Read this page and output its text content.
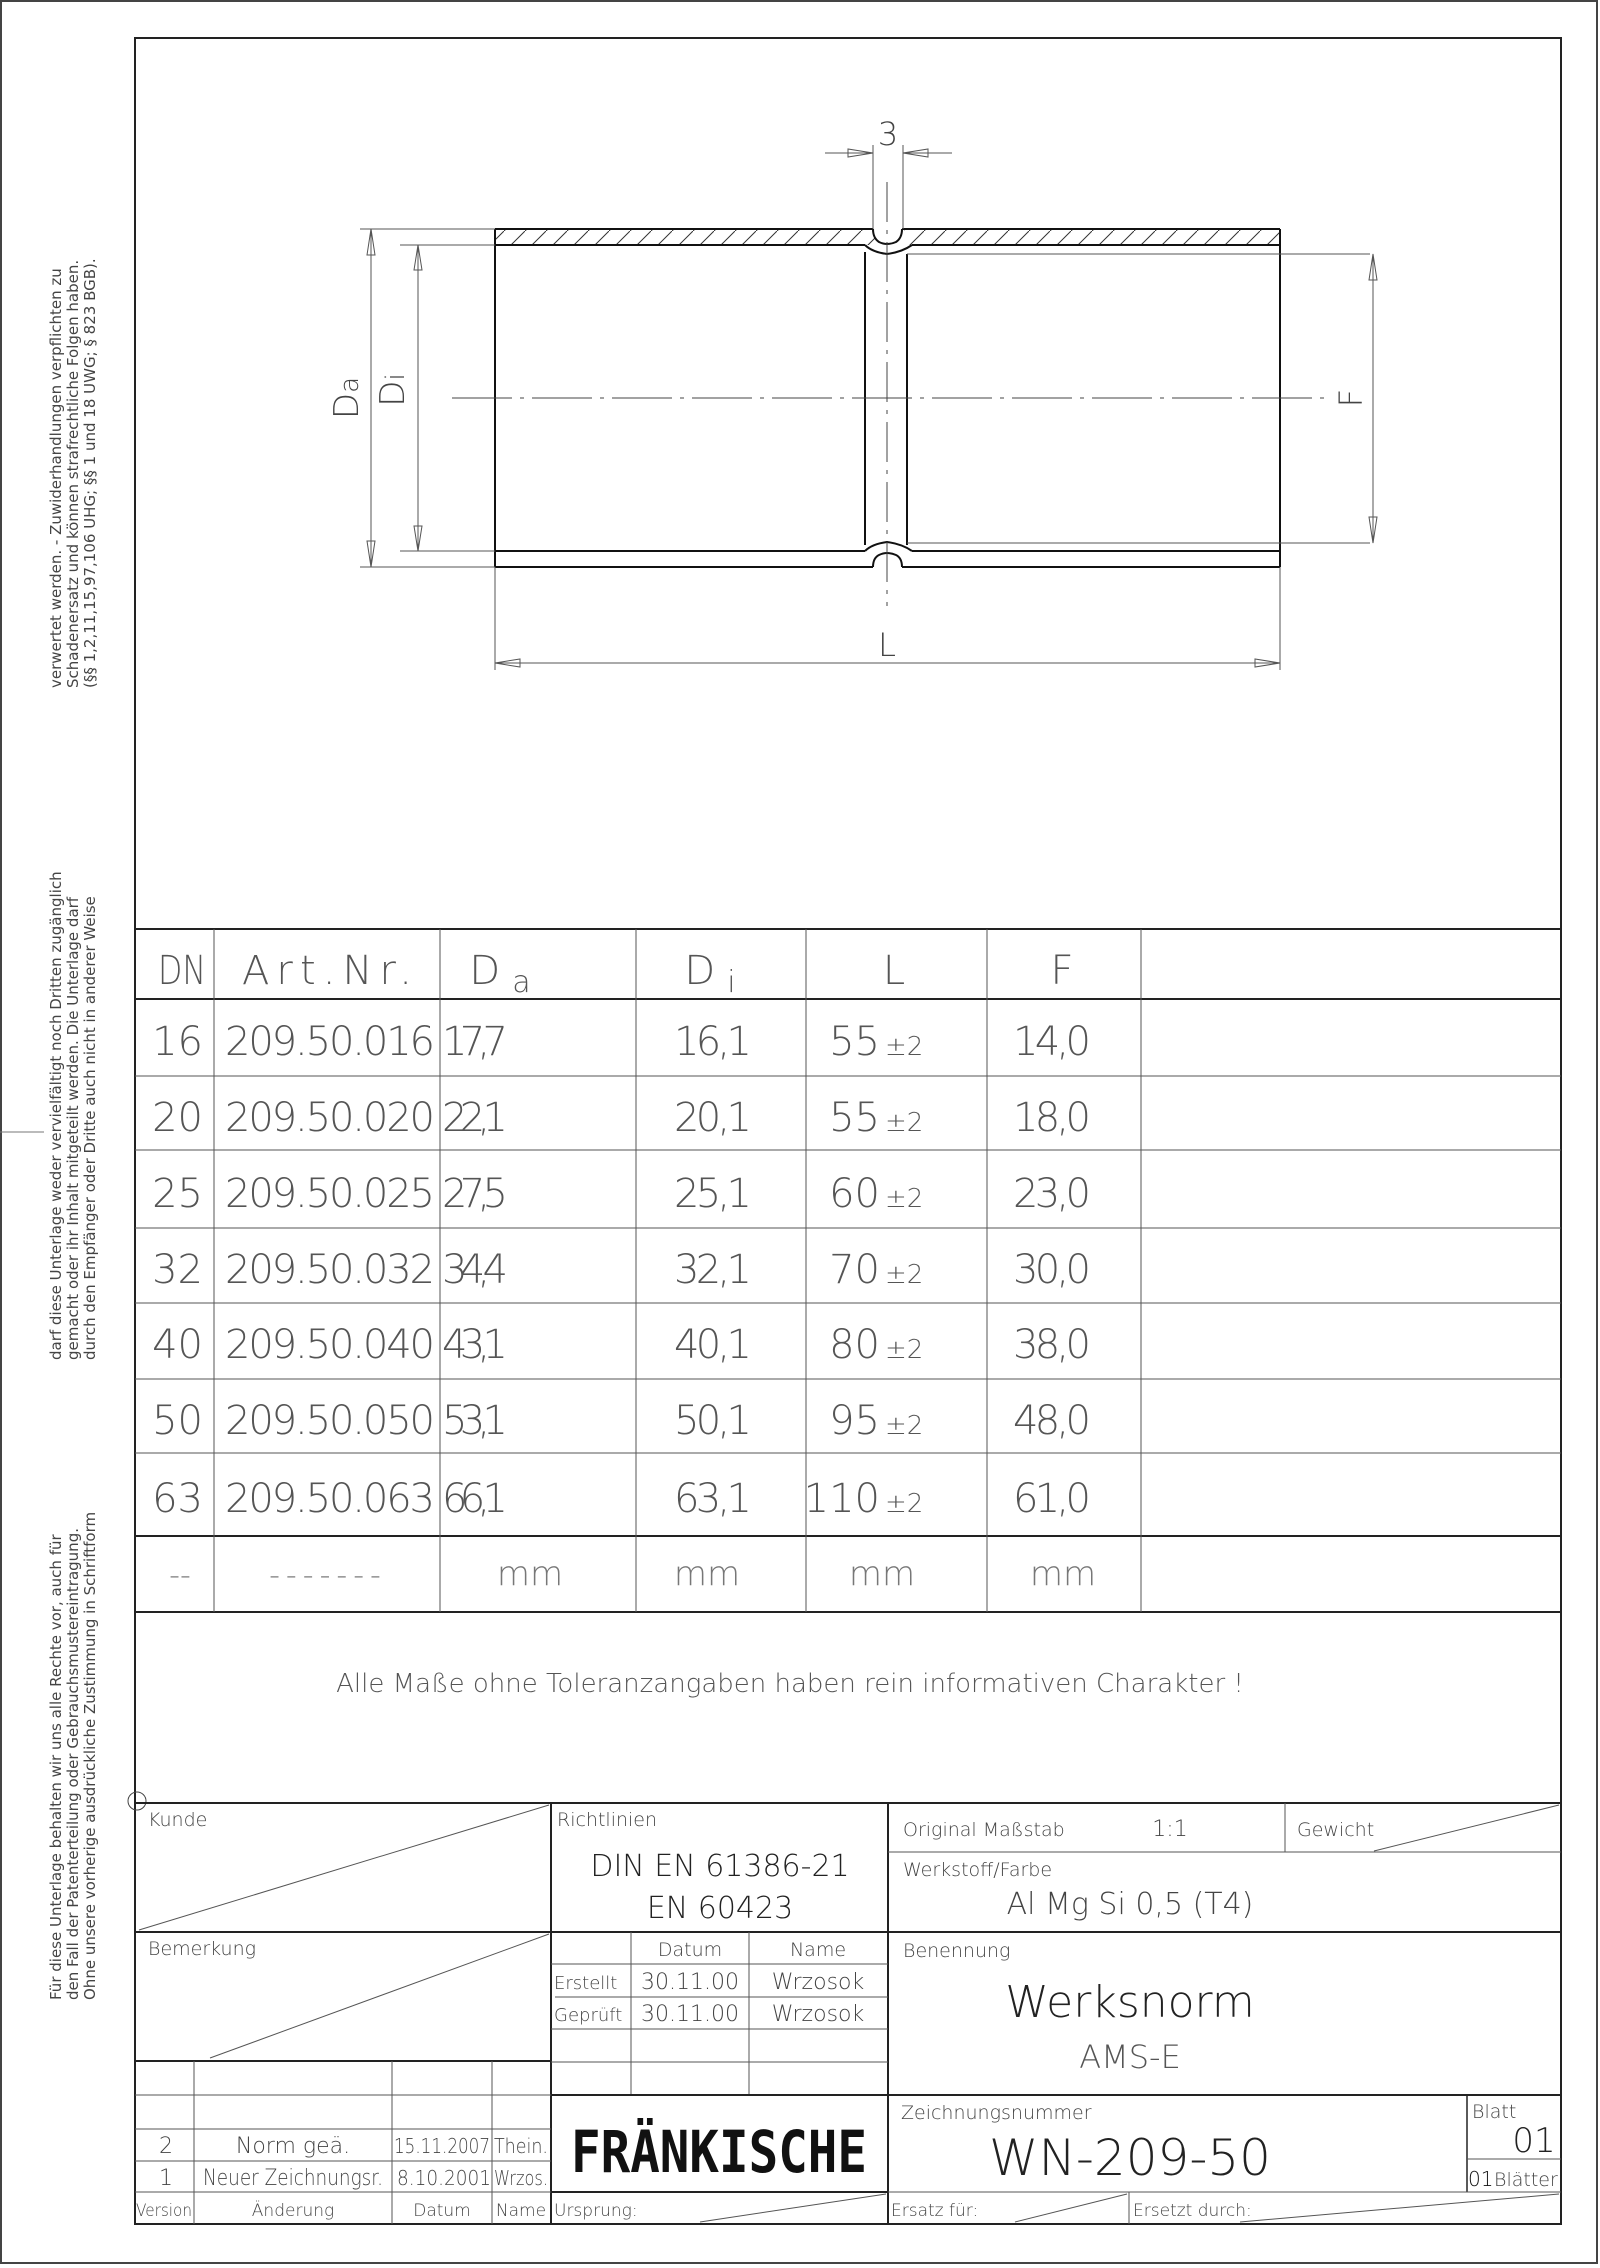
3
Da Di
L
F
DN Art.Nr. D $_a$	D $_i$	L	F
16 209.50.016 17,7	16,1 55 ±2 14,0
20 209.50.020 22,1	20,1 55 ±2 18,0
25 209.50.025 27,5	25,1 60 ±2 23,0
32 209.50.032 34,4	32,1 70 ±2 30,0
40 209.50.040 43,1	40,1 80 ±2 38,0
50 209.50.050 53,1	50,1 95 ±2 48,0
63 209.50.063 66,1	63,1 110 ±2 61,0
--	-------	mm	mm	mm	mm
Alle Maße ohne Toleranzangaben haben rein informativen Charakter !
Kunde
Bemerkung
Richtlinien
DIN EN 61386-21
EN 60423
Original Maßstab	1:1	Gewicht
Werkstoff/Farbe
Al Mg Si 0,5 (T4)
Datum	Name
Erstellt 30.11.00 Wrzosok
Geprüft 30.11.00 Wrzosok
Benennung
Werksnorm
AMS-E
FRÄNKISCHE
Zeichnungsnummer
WN-209-50
Blatt
01
01 Blätter
Ursprung:	Ersatz für:	Ersetzt durch:
2	Norm geä. 15.11.2007 Thein.
1 Neuer Zeichnungsr. 8.10.2001 Wrzos.
Version	Änderung	Datum Name
verwertet werden. - Zuwiderhandlungen verpflichten zu Schadenersatz und können strafrechtliche Folgen haben. (§§ 1,2,11,15,97,106 UHG; §§ 1 und 18 UWG; § 823 BGB).
darf diese Unterlage weder vervielfältigt noch Dritten zugänglich gemacht oder ihr Inhalt mitgeteilt werden. Die Unterlage darf durch den Empfänger oder Dritte auch nicht in anderer Weise
Für diese Unterlage behalten wir uns alle Rechte vor, auch für den Fall der Patenterteilung oder Gebrauchsmustereintragung. Ohne unsere vorherige ausdrückliche Zustimmung in Schriftform
